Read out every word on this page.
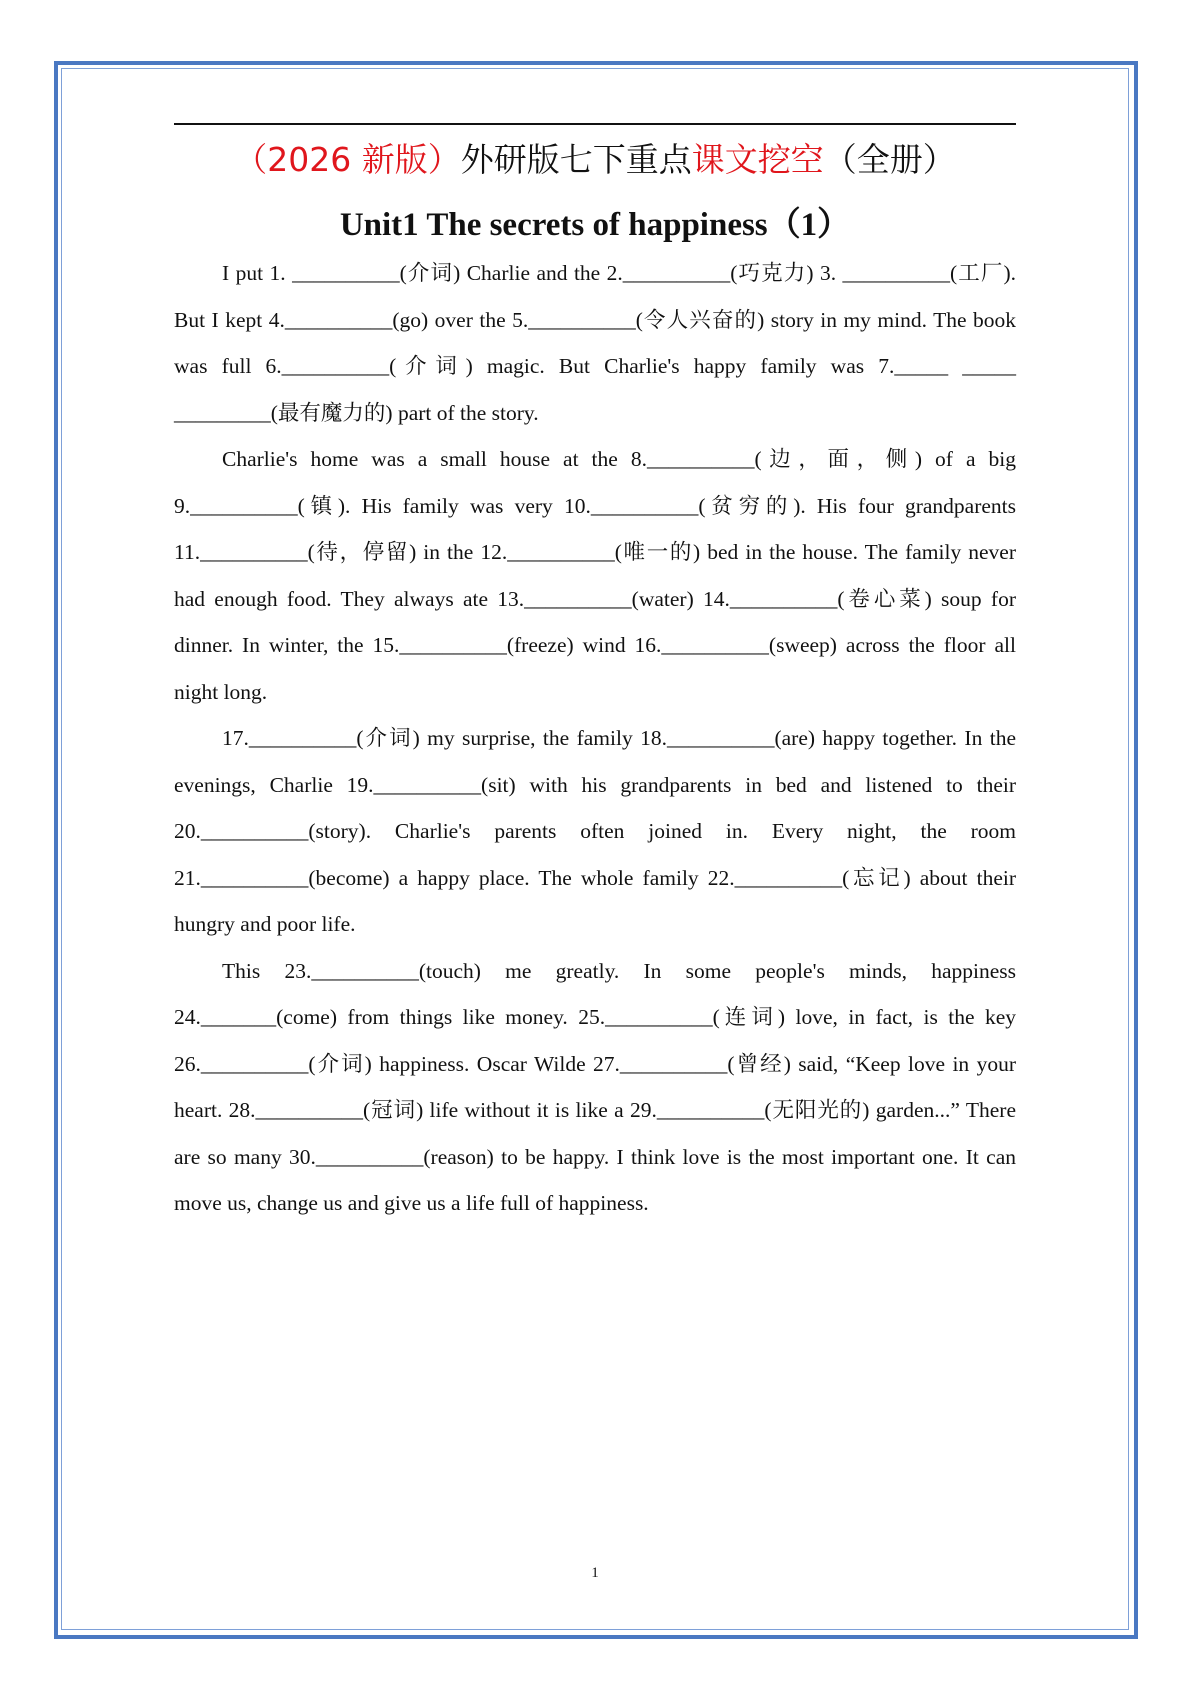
（2026 新版）外研版七下重点课文挖空（全册）
Unit1 The secrets of happiness（1）

I put 1. __________(介词) Charlie and the 2.__________(巧克力) 3. __________(工厂). But I kept 4.__________(go) over the 5.__________(令人兴奋的) story in my mind. The book was full 6.__________(介词) magic. But Charlie's happy family was 7._____ _____ _________(最有魔力的) part of the story.

Charlie's home was a small house at the 8.__________(边，面，侧) of a big 9.__________(镇). His family was very 10.__________(贫穷的). His four grandparents 11.__________(待，停留) in the 12.__________(唯一的) bed in the house. The family never had enough food. They always ate 13.__________(water) 14.__________(卷心菜) soup for dinner. In winter, the 15.__________(freeze) wind 16.__________(sweep) across the floor all night long.

17.__________(介词) my surprise, the family 18.__________(are) happy together. In the evenings, Charlie 19.__________(sit) with his grandparents in bed and listened to their 20.__________(story). Charlie's parents often joined in. Every night, the room 21.__________(become) a happy place. The whole family 22.__________(忘记) about their hungry and poor life.

This 23.__________(touch) me greatly. In some people's minds, happiness 24._______(come) from things like money. 25.__________(连词) love, in fact, is the key 26.__________(介词) happiness. Oscar Wilde 27.__________(曾经) said, “Keep love in your heart. 28.__________(冠词) life without it is like a 29.__________(无阳光的) garden...” There are so many 30.__________(reason) to be happy. I think love is the most important one. It can move us, change us and give us a life full of happiness.

1
